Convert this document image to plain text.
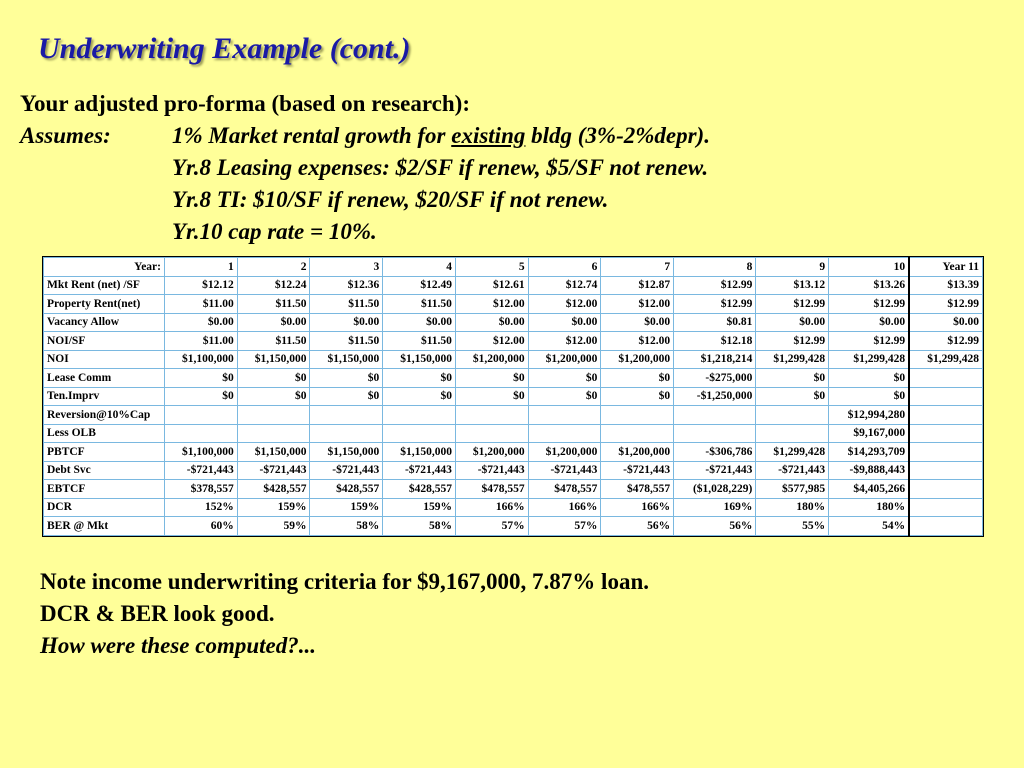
Underwriting Example (cont.)
Your adjusted pro-forma (based on research):
Assumes:	1% Market rental growth for existing bldg (3%-2%depr).
Yr.8 Leasing expenses: $2/SF if renew, $5/SF not renew.
Yr.8 TI: $10/SF if renew, $20/SF if not renew.
Yr.10 cap rate = 10%.
Year:	1	2	3	4	5	6	7	8	9	10	Year 11
Mkt Rent (net) /SF	$12.12	$12.24	$12.36	$12.49	$12.61	$12.74	$12.87	$12.99	$13.12	$13.26	$13.39
Property Rent(net)	$11.00	$11.50	$11.50	$11.50	$12.00	$12.00	$12.00	$12.99	$12.99	$12.99	$12.99
Vacancy Allow	$0.00	$0.00	$0.00	$0.00	$0.00	$0.00	$0.00	$0.81	$0.00	$0.00	$0.00
NOI/SF	$11.00	$11.50	$11.50	$11.50	$12.00	$12.00	$12.00	$12.18	$12.99	$12.99	$12.99
NOI	$1,100,000	$1,150,000	$1,150,000	$1,150,000	$1,200,000	$1,200,000	$1,200,000	$1,218,214	$1,299,428	$1,299,428	$1,299,428
Lease Comm	$0	$0	$0	$0	$0	$0	$0	-$275,000	$0	$0	
Ten.Imprv	$0	$0	$0	$0	$0	$0	$0	-$1,250,000	$0	$0	
Reversion@10%Cap										$12,994,280	
Less OLB										$9,167,000	
PBTCF	$1,100,000	$1,150,000	$1,150,000	$1,150,000	$1,200,000	$1,200,000	$1,200,000	-$306,786	$1,299,428	$14,293,709	
Debt Svc	-$721,443	-$721,443	-$721,443	-$721,443	-$721,443	-$721,443	-$721,443	-$721,443	-$721,443	-$9,888,443	
EBTCF	$378,557	$428,557	$428,557	$428,557	$478,557	$478,557	$478,557	($1,028,229)	$577,985	$4,405,266	
DCR	152%	159%	159%	159%	166%	166%	166%	169%	180%	180%	
BER @ Mkt	60%	59%	58%	58%	57%	57%	56%	56%	55%	54%	
Note income underwriting criteria for $9,167,000, 7.87% loan.
DCR & BER look good.
How were these computed?...
